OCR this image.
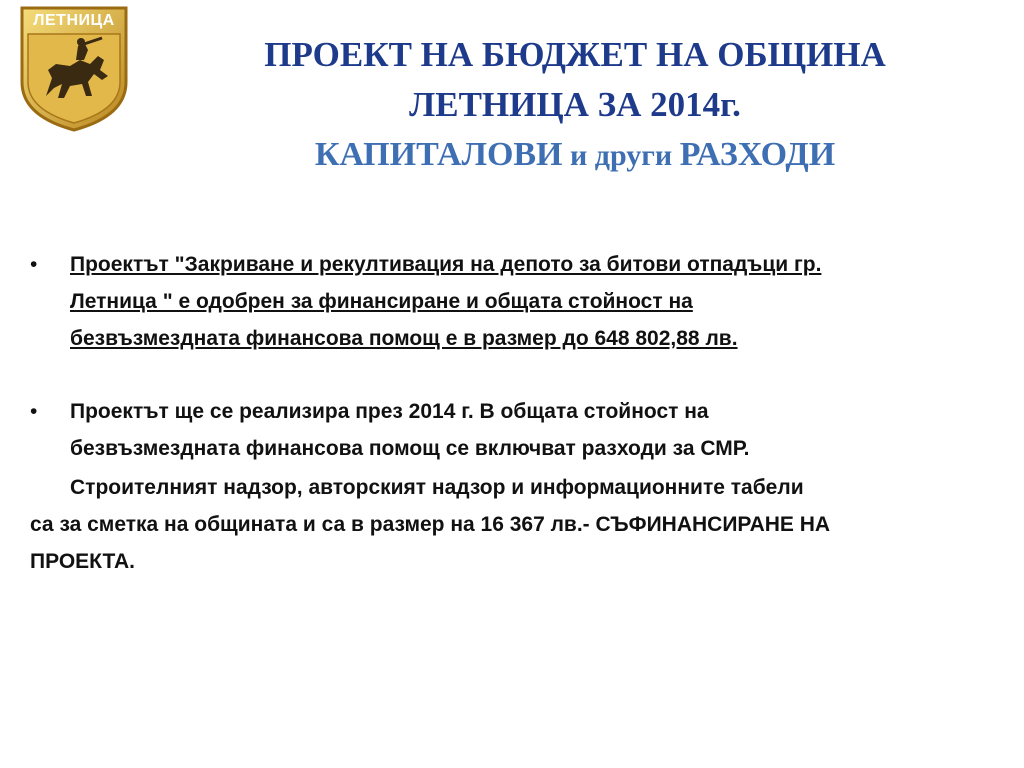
ЛЕТНИЦА
ПРОЕКТ НА БЮДЖЕТ НА ОБЩИНА
ЛЕТНИЦА ЗА 2014г.
КАПИТАЛОВИ и други РАЗХОДИ
• Проектът "Закриване и рекултивация на депото за битови отпадъци гр.
Летница " е одобрен за финансиране и общата стойност на
безвъзмездната финансова помощ е в размер до 648 802,88 лв.
• Проектът ще се реализира през 2014 г. В общата стойност на
безвъзмездната финансова помощ се включват разходи за СМР.
Строителният надзор, авторският надзор и информационните табели
са за сметка на общината и са в размер на 16 367 лв.- СЪФИНАНСИРАНЕ НА
ПРОЕКТА.
